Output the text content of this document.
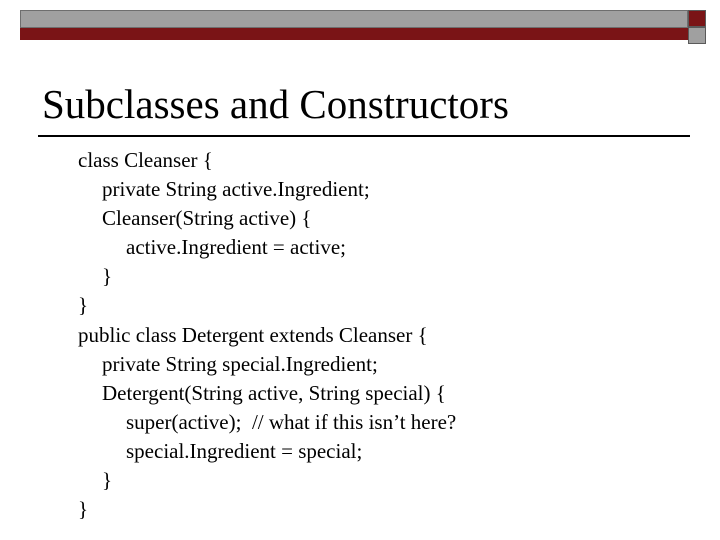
Subclasses and Constructors
class Cleanser {
private String active.Ingredient;
Cleanser(String active) {
active.Ingredient = active;
}
}
public class Detergent extends Cleanser {
private String special.Ingredient;
Detergent(String active, String special) {
super(active);  // what if this isn’t here?
special.Ingredient = special;
}
}
